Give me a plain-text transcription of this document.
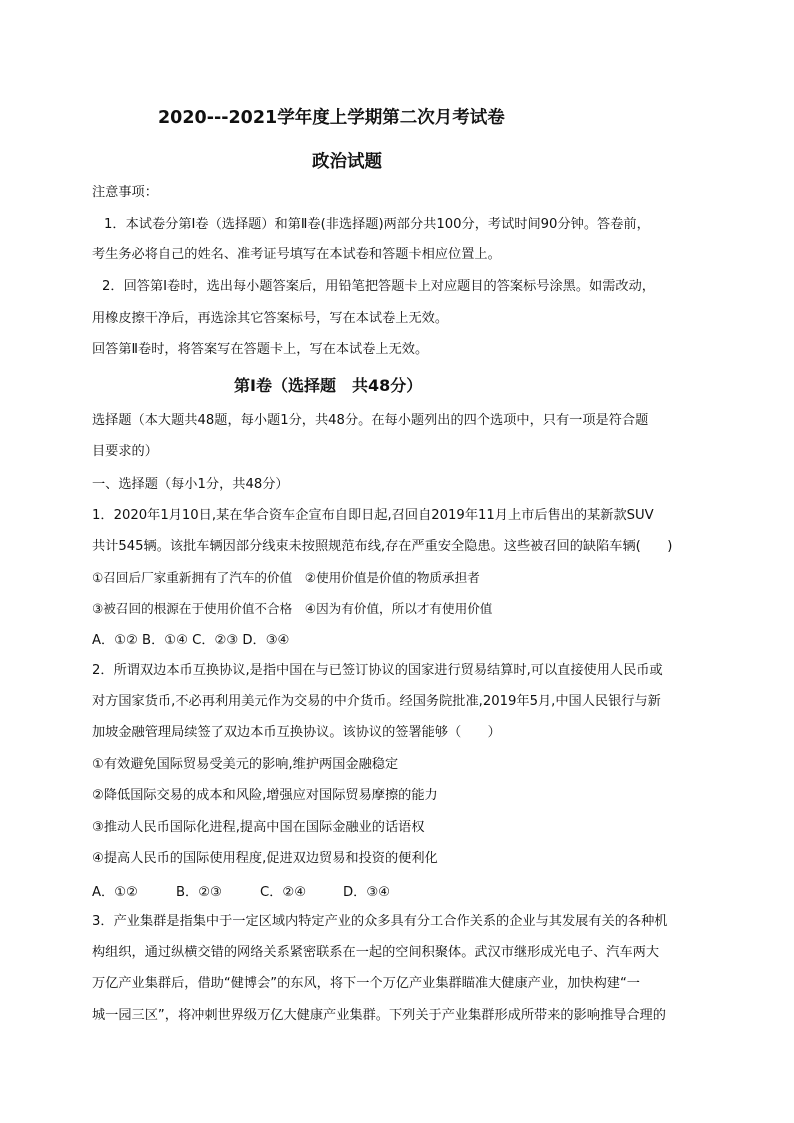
2020---2021学年度上学期第二次月考试卷
政治试题
注意事项：
1．本试卷分第Ⅰ卷（选择题）和第Ⅱ卷(非选择题)两部分共100分，考试时间90分钟。答卷前，
考生务必将自己的姓名、准考证号填写在本试卷和答题卡相应位置上。
2．回答第Ⅰ卷时，选出每小题答案后，用铅笔把答题卡上对应题目的答案标号涂黑。如需改动，
用橡皮擦干净后，再选涂其它答案标号，写在本试卷上无效。
回答第Ⅱ卷时，将答案写在答题卡上，写在本试卷上无效。
第Ⅰ卷（选择题　共48分）
选择题（本大题共48题，每小题1分，共48分。在每小题列出的四个选项中，只有一项是符合题
目要求的）
一、选择题（每小1分，共48分）
1．2020年1月10日,某在华合资车企宣布自即日起,召回自2019年11月上市后售出的某新款SUV
共计545辆。该批车辆因部分线束未按照规范布线,存在严重安全隐患。这些被召回的缺陷车辆(　　)
①召回后厂家重新拥有了汽车的价值　②使用价值是价值的物质承担者
③被召回的根源在于使用价值不合格　④因为有价值，所以才有使用价值
A．①② B．①④ C．②③ D．③④
2．所谓双边本币互换协议,是指中国在与已签订协议的国家进行贸易结算时,可以直接使用人民币或
对方国家货币,不必再利用美元作为交易的中介货币。经国务院批准,2019年5月,中国人民银行与新
加坡金融管理局续签了双边本币互换协议。该协议的签署能够（　　）
①有效避免国际贸易受美元的影响,维护两国金融稳定
②降低国际交易的成本和风险,增强应对国际贸易摩擦的能力
③推动人民币国际化进程,提高中国在国际金融业的话语权
④提高人民币的国际使用程度,促进双边贸易和投资的便利化
A．①②	B．②③	C．②④	D．③④
3．产业集群是指集中于一定区域内特定产业的众多具有分工合作关系的企业与其发展有关的各种机
构组织，通过纵横交错的网络关系紧密联系在一起的空间积聚体。武汉市继形成光电子、汽车两大
万亿产业集群后，借助“健博会”的东风，将下一个万亿产业集群瞄准大健康产业，加快构建“一
城一园三区”，将冲刺世界级万亿大健康产业集群。下列关于产业集群形成所带来的影响推导合理的
